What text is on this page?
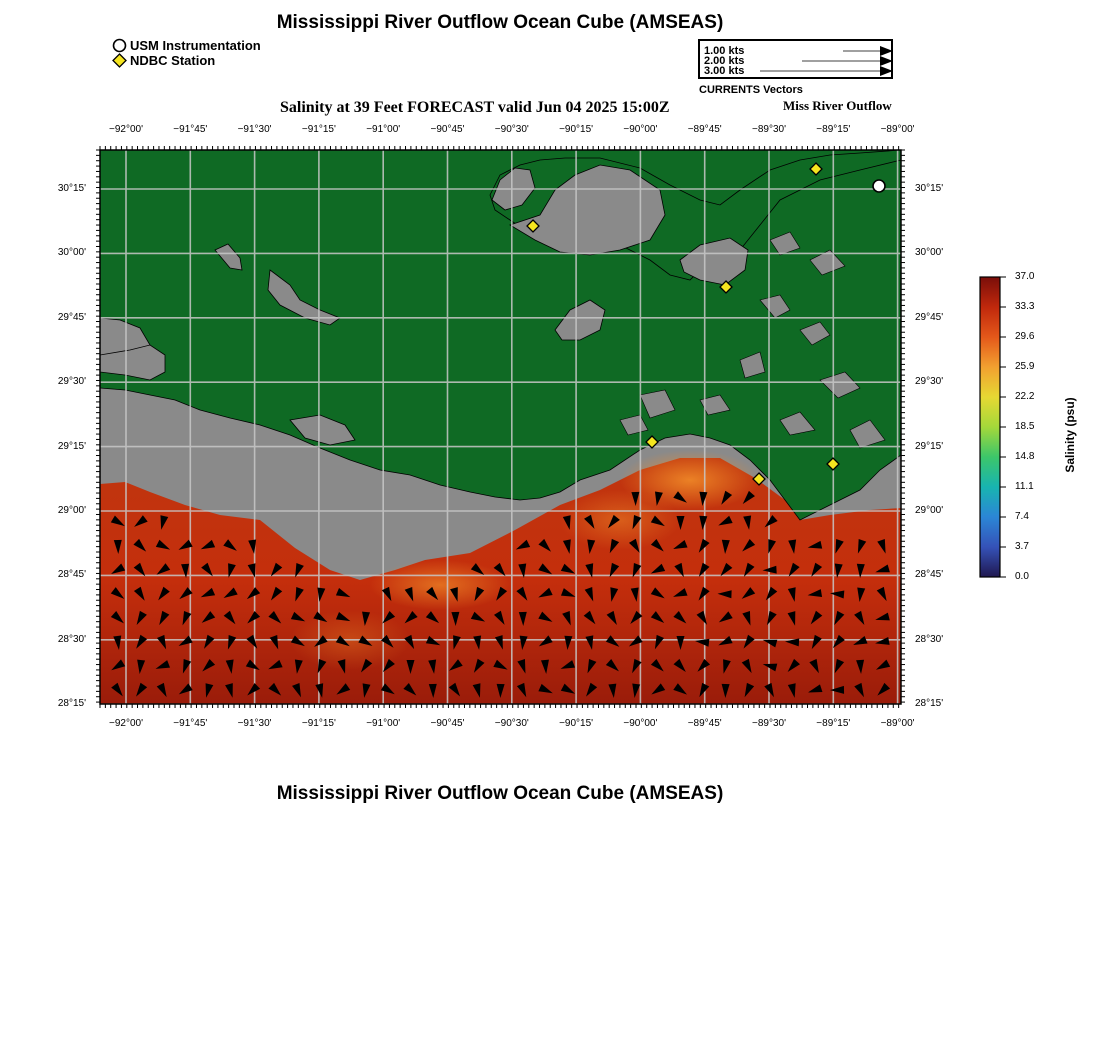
Mississippi River Outflow Ocean Cube (AMSEAS)
USM Instrumentation
NDBC Station
1.00 kts
2.00 kts
3.00 kts
CURRENTS Vectors
Salinity at 39 Feet FORECAST valid Jun 04 2025 15:00Z	Miss River Outflow
−92°00'	−91°45'	−91°30'	−91°15'	−91°00'	−90°45'	−90°30'	−90°15'	−90°00'	−89°45'	−89°30'	−89°15'	−89°00'
−92°00'	−91°45'	−91°30'	−91°15'	−91°00'	−90°45'	−90°30'	−90°15'	−90°00'	−89°45'	−89°30'	−89°15'	−89°00'
30°15'
30°00'
29°45'
29°30'
29°15'
29°00'
28°45'
28°30'
28°15'
30°15'
30°00'
29°45'
29°30'
29°15'
29°00'
28°45'
28°30'
28°15'
37.0
33.3
29.6
25.9
22.2
18.5
14.8
11.1
7.4
3.7
0.0
Salinity (psu)
Mississippi River Outflow Ocean Cube (AMSEAS)
